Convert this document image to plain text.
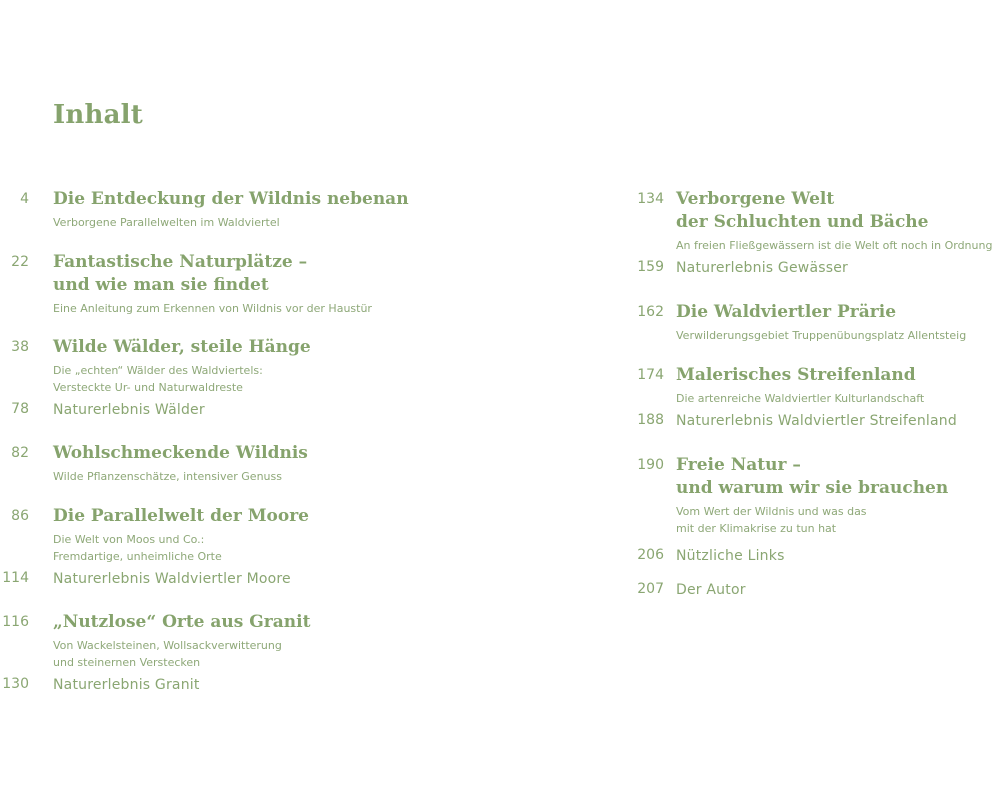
Inhalt
4 Die Entdeckung der Wildnis nebenan
Verborgene Parallelwelten im Waldviertel
22 Fantastische Naturplätze –
und wie man sie findet
Eine Anleitung zum Erkennen von Wildnis vor der Haustür
38 Wilde Wälder, steile Hänge
Die „echten“ Wälder des Waldviertels:
Versteckte Ur- und Naturwaldreste
78 Naturerlebnis Wälder
82 Wohlschmeckende Wildnis
Wilde Pflanzenschätze, intensiver Genuss
86 Die Parallelwelt der Moore
Die Welt von Moos und Co.:
Fremdartige, unheimliche Orte
114 Naturerlebnis Waldviertler Moore
116 „Nutzlose“ Orte aus Granit
Von Wackelsteinen, Wollsackverwitterung
und steinernen Verstecken
130 Naturerlebnis Granit
134 Verborgene Welt
der Schluchten und Bäche
An freien Fließgewässern ist die Welt oft noch in Ordnung
159 Naturerlebnis Gewässer
162 Die Waldviertler Prärie
Verwilderungsgebiet Truppenübungsplatz Allentsteig
174 Malerisches Streifenland
Die artenreiche Waldviertler Kulturlandschaft
188 Naturerlebnis Waldviertler Streifenland
190 Freie Natur –
und warum wir sie brauchen
Vom Wert der Wildnis und was das
mit der Klimakrise zu tun hat
206 Nützliche Links
207 Der Autor
